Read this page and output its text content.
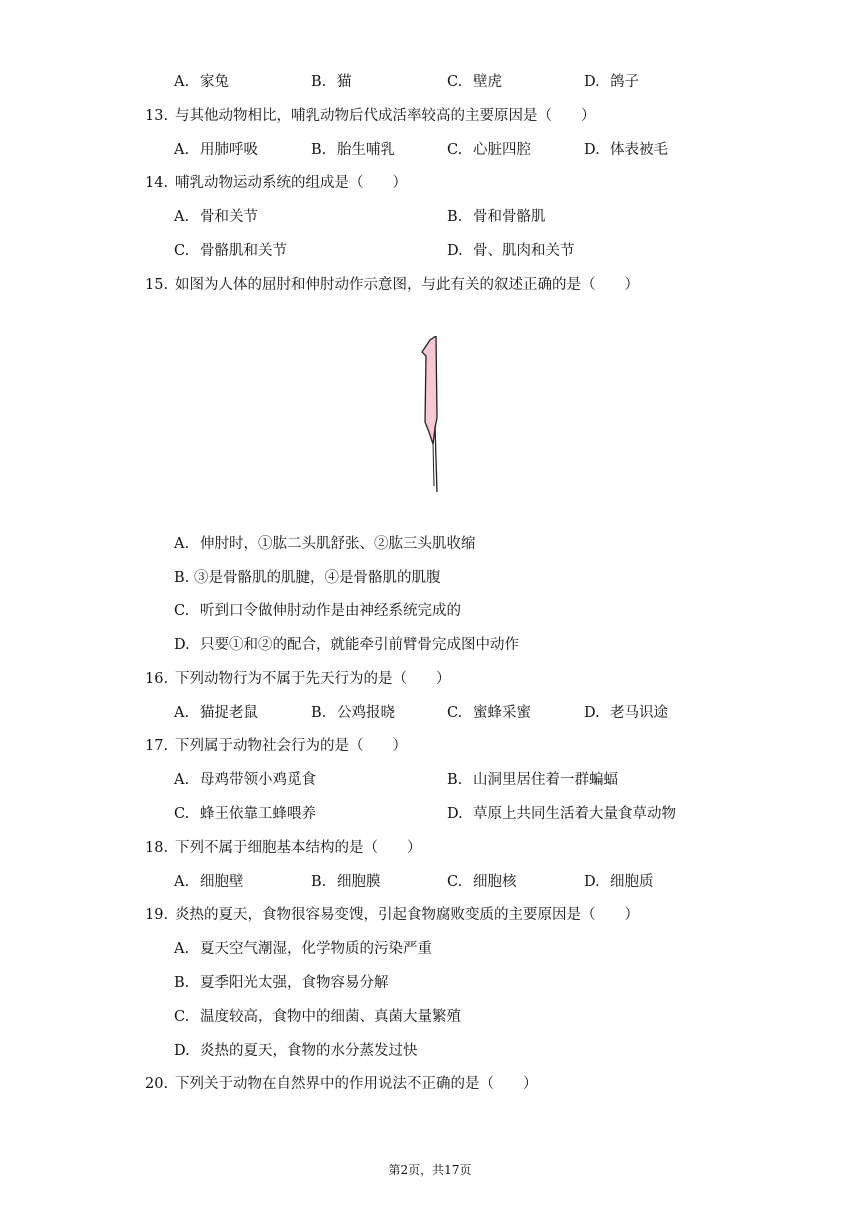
A. 家兔	B. 猫	C. 壁虎	D. 鸽子
13. 与其他动物相比，哺乳动物后代成活率较高的主要原因是（　　）
A. 用肺呼吸	B. 胎生哺乳	C. 心脏四腔	D. 体表被毛
14. 哺乳动物运动系统的组成是（　　）
A. 骨和关节	B. 骨和骨骼肌
C. 骨骼肌和关节	D. 骨、肌肉和关节
15. 如图为人体的屈肘和伸肘动作示意图，与此有关的叙述正确的是（　　）
A. 伸肘时，①肱二头肌舒张、②肱三头肌收缩
B. ③是骨骼肌的肌腱，④是骨骼肌的肌腹
C. 听到口令做伸肘动作是由神经系统完成的
D. 只要①和②的配合，就能牵引前臂骨完成图中动作
16. 下列动物行为不属于先天行为的是（　　）
A. 猫捉老鼠	B. 公鸡报晓	C. 蜜蜂采蜜	D. 老马识途
17. 下列属于动物社会行为的是（　　）
A. 母鸡带领小鸡觅食	B. 山洞里居住着一群蝙蝠
C. 蜂王依靠工蜂喂养	D. 草原上共同生活着大量食草动物
18. 下列不属于细胞基本结构的是（　　）
A. 细胞壁	B. 细胞膜	C. 细胞核	D. 细胞质
19. 炎热的夏天，食物很容易变馊，引起食物腐败变质的主要原因是（　　）
A. 夏天空气潮湿，化学物质的污染严重
B. 夏季阳光太强，食物容易分解
C. 温度较高，食物中的细菌、真菌大量繁殖
D. 炎热的夏天，食物的水分蒸发过快
20. 下列关于动物在自然界中的作用说法不正确的是（　　）
第2页，共17页
